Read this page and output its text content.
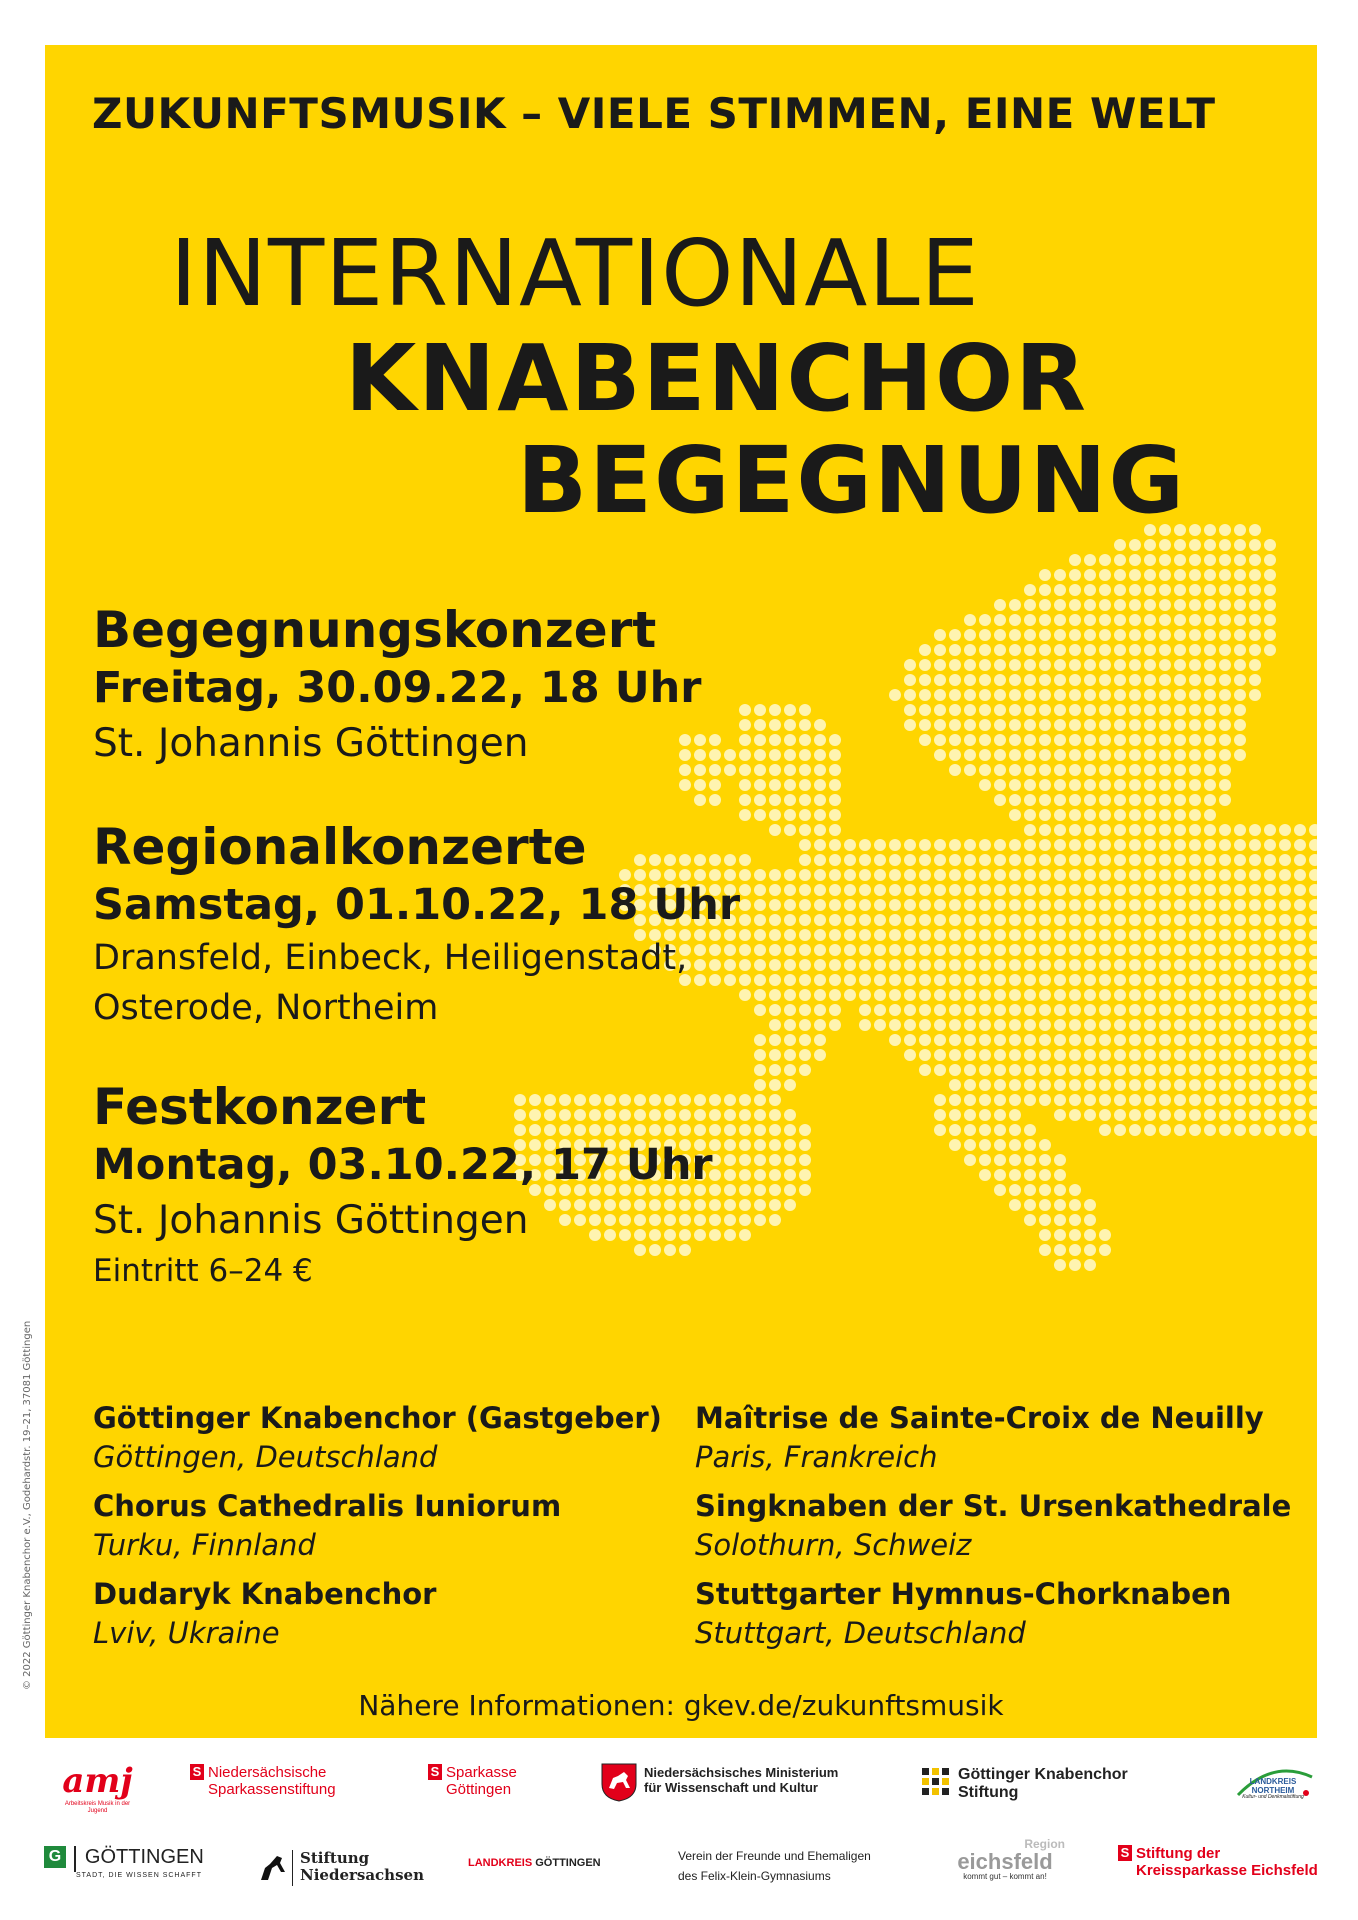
ZUKUNFTSMUSIK – VIELE STIMMEN, EINE WELT
INTERNATIONALE
KNABENCHOR
BEGEGNUNG
Begegnungskonzert
Freitag, 30.09.22, 18 Uhr
St. Johannis Göttingen
Regionalkonzerte
Samstag, 01.10.22, 18 Uhr
Dransfeld, Einbeck, Heiligenstadt,
Osterode, Northeim
Festkonzert
Montag, 03.10.22, 17 Uhr
St. Johannis Göttingen
Eintritt 6–24 €
Göttinger Knabenchor (Gastgeber)
Göttingen, Deutschland
Chorus Cathedralis Iuniorum
Turku, Finnland
Dudaryk Knabenchor
Lviv, Ukraine
Maîtrise de Sainte-Croix de Neuilly
Paris, Frankreich
Singknaben der St. Ursenkathedrale
Solothurn, Schweiz
Stuttgarter Hymnus-Chorknaben
Stuttgart, Deutschland
Nähere Informationen: gkev.de/zukunftsmusik
© 2022 Göttinger Knabenchor e.V., Godehardstr. 19–21, 37081 Göttingen
amj
Arbeitskreis Musik in der Jugend
S Niedersächsische
Sparkassenstiftung
S Sparkasse
Göttingen
Niedersächsisches Ministerium
für Wissenschaft und Kultur
Göttinger Knabenchor
Stiftung
LANDKREIS
NORTHEIM
Kultur- und Denkmalstiftung
G GÖTTINGEN
STADT, DIE WISSEN SCHAFFT
Stiftung
Niedersachsen
LANDKREIS GÖTTINGEN	Verein der Freunde und Ehemaligen
des Felix-Klein-Gymnasiums
Region
eichsfeld
kommt gut – kommt an!
S Stiftung der
Kreissparkasse Eichsfeld
